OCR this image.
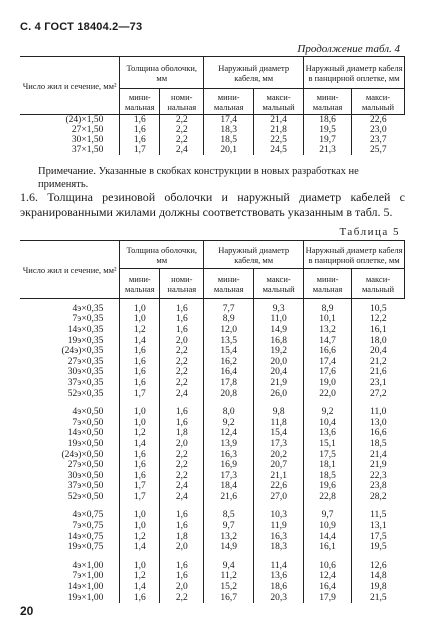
С. 4 ГОСТ 18404.2—73
Продолжение табл. 4
Число жил и сечение, мм²	Толщина оболочки, мм		Наружный диаметр кабеля, мм		Наружный диаметр кабеля в панцирной оплетке, мм	
	мини-мальная	номи-нальная	мини-мальная	макси-мальный	мини-мальная	макси-мальный
(24)×1,50	1,6	2,2	17,4	21,4	18,6	22,6
27×1,50	1,6	2,2	18,3	21,8	19,5	23,0
30×1,50	1,6	2,2	18,5	22,5	19,7	23,7
37×1,50	1,7	2,4	20,1	24,5	21,3	25,7
Примечание. Указанные в скобках конструкции в новых разработках не применять.
1.6. Толщина резиновой оболочки и наружный диаметр кабелей с экранированными жилами должны соответствовать указанным в табл. 5.
Таблица 5
Число жил и сечение, мм²	Толщина оболочки, мм		Наружный диаметр кабеля, мм		Наружный диаметр кабеля в панцирной оплетке, мм	
	мини-мальная	номи-нальная	мини-мальная	макси-мальный	мини-мальная	макси-мальный

4э×0,35	1,0	1,6	7,7	9,3	8,9	10,5
7э×0,35	1,0	1,6	8,9	11,0	10,1	12,2
14э×0,35	1,2	1,6	12,0	14,9	13,2	16,1
19э×0,35	1,4	2,0	13,5	16,8	14,7	18,0
(24э)×0,35	1,6	2,2	15,4	19,2	16,6	20,4
27э×0,35	1,6	2,2	16,2	20,0	17,4	21,2
30э×0,35	1,6	2,2	16,4	20,4	17,6	21,6
37э×0,35	1,6	2,2	17,8	21,9	19,0	23,1
52э×0,35	1,7	2,4	20,8	26,0	22,0	27,2

4э×0,50	1,0	1,6	8,0	9,8	9,2	11,0
7э×0,50	1,0	1,6	9,2	11,8	10,4	13,0
14э×0,50	1,2	1,8	12,4	15,4	13,6	16,6
19э×0,50	1,4	2,0	13,9	17,3	15,1	18,5
(24э)×0,50	1,6	2,2	16,3	20,2	17,5	21,4
27э×0,50	1,6	2,2	16,9	20,7	18,1	21,9
30э×0,50	1,6	2,2	17,3	21,1	18,5	22,3
37э×0,50	1,7	2,4	18,4	22,6	19,6	23,8
52э×0,50	1,7	2,4	21,6	27,0	22,8	28,2

4э×0,75	1,0	1,6	8,5	10,3	9,7	11,5
7э×0,75	1,0	1,6	9,7	11,9	10,9	13,1
14э×0,75	1,2	1,8	13,2	16,3	14,4	17,5
19э×0,75	1,4	2,0	14,9	18,3	16,1	19,5

4э×1,00	1,0	1,6	9,4	11,4	10,6	12,6
7э×1,00	1,2	1,6	11,2	13,6	12,4	14,8
14э×1,00	1,4	2,0	15,2	18,6	16,4	19,8
19э×1,00	1,6	2,2	16,7	20,3	17,9	21,5
20
